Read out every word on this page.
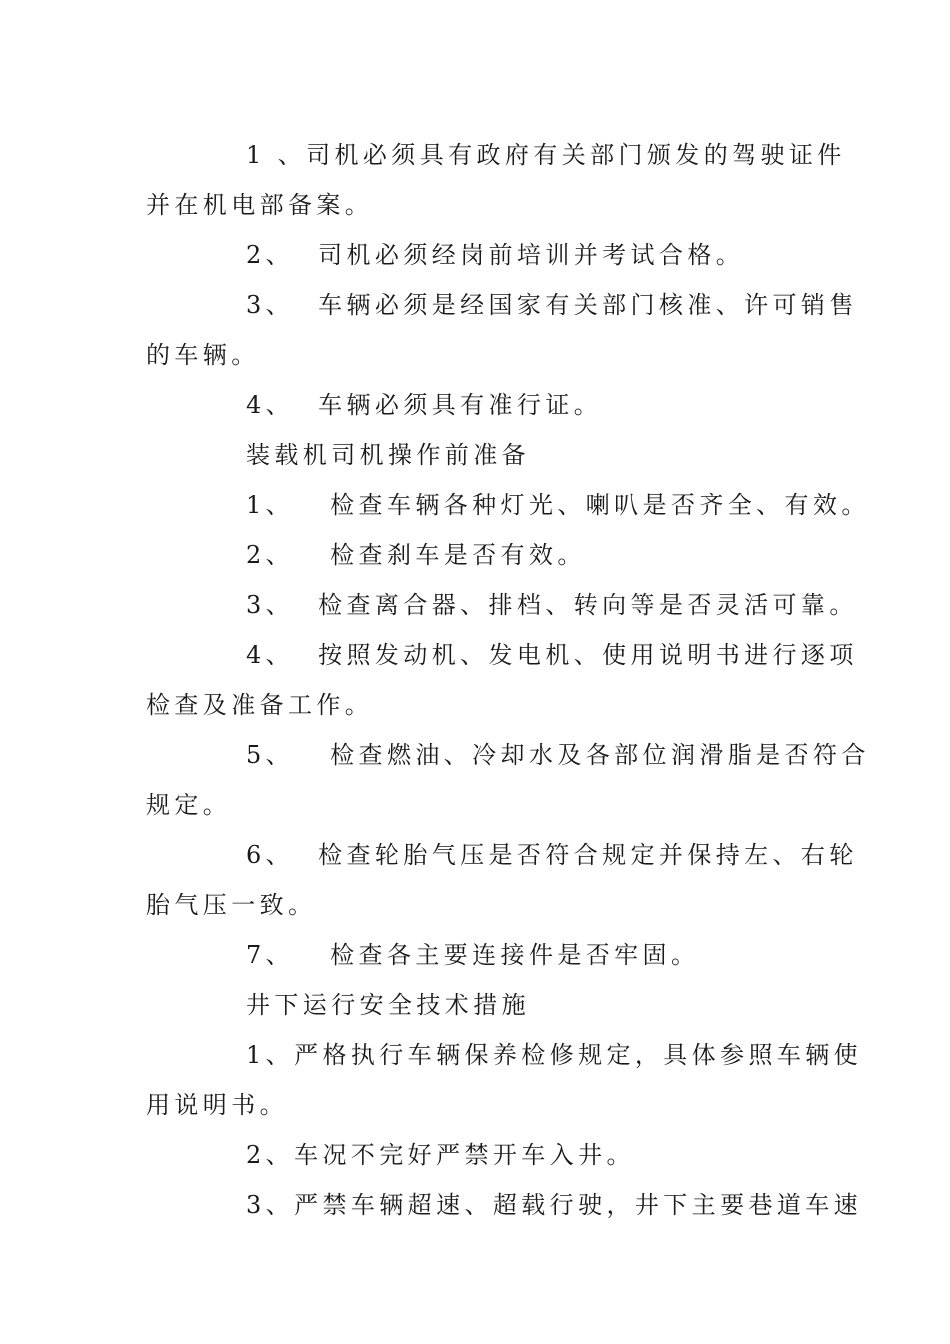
1 、司机必须具有政府有关部门颁发的驾驶证件
并在机电部备案。
2、  司机必须经岗前培训并考试合格。
3、  车辆必须是经国家有关部门核准、许可销售
的车辆。
4、  车辆必须具有准行证。
装载机司机操作前准备
1、   检查车辆各种灯光、喇叭是否齐全、有效。
2、   检查刹车是否有效。
3、  检查离合器、排档、转向等是否灵活可靠。
4、  按照发动机、发电机、使用说明书进行逐项
检查及准备工作。
5、   检查燃油、冷却水及各部位润滑脂是否符合
规定。
6、  检查轮胎气压是否符合规定并保持左、右轮
胎气压一致。
7、   检查各主要连接件是否牢固。
井下运行安全技术措施
1、严格执行车辆保养检修规定，具体参照车辆使
用说明书。
2、车况不完好严禁开车入井。
3、严禁车辆超速、超载行驶，井下主要巷道车速
